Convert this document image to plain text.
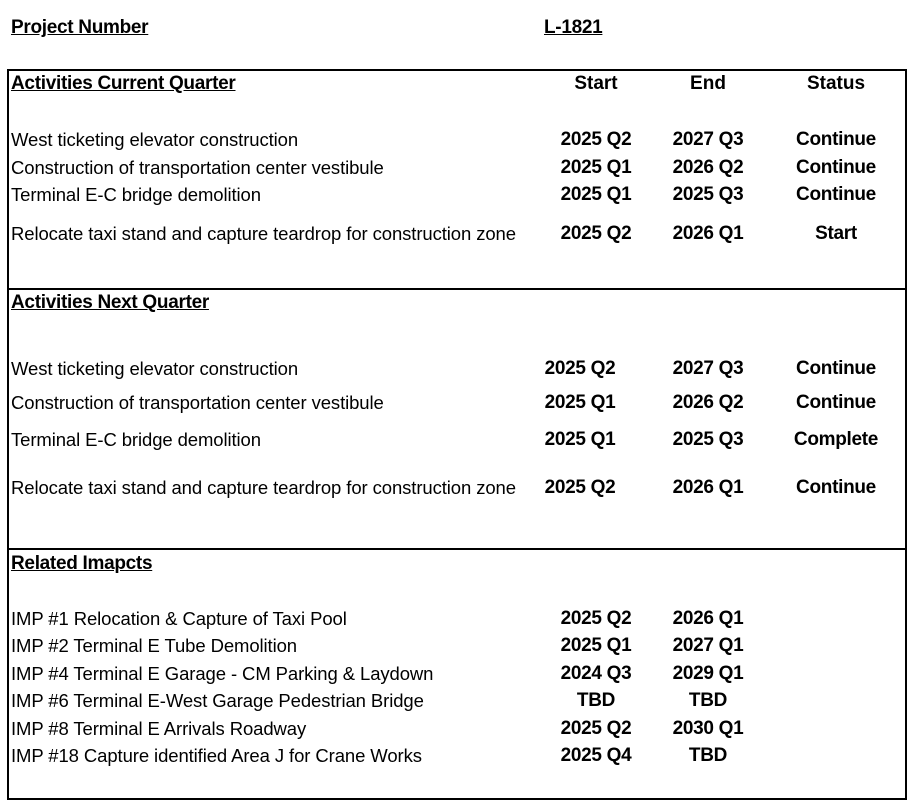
Project Number	L-1821
Activities Current Quarter	Start	End	Status
West ticketing elevator construction	2025 Q2	2027 Q3	Continue
Construction of transportation center vestibule	2025 Q1	2026 Q2	Continue
Terminal E-C bridge demolition	2025 Q1	2025 Q3	Continue
Relocate taxi stand and capture teardrop for construction zone	2025 Q2	2026 Q1	Start
Activities Next Quarter
West ticketing elevator construction	2025 Q2	2027 Q3	Continue
Construction of transportation center vestibule	2025 Q1	2026 Q2	Continue
Terminal E-C bridge demolition	2025 Q1	2025 Q3	Complete
Relocate taxi stand and capture teardrop for construction zone	2025 Q2	2026 Q1	Continue
Related Imapcts
IMP #1 Relocation & Capture of Taxi Pool	2025 Q2	2026 Q1
IMP #2 Terminal E Tube Demolition	2025 Q1	2027 Q1
IMP #4 Terminal E Garage - CM Parking & Laydown	2024 Q3	2029 Q1
IMP #6 Terminal E-West Garage Pedestrian Bridge	TBD	TBD
IMP #8 Terminal E Arrivals Roadway	2025 Q2	2030 Q1
IMP #18 Capture identified Area J for Crane Works	2025 Q4	TBD
